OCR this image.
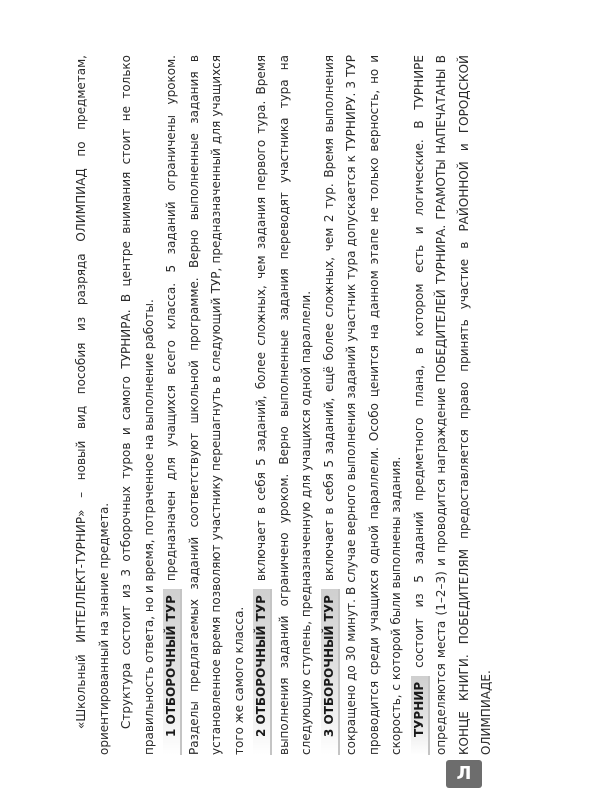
«Школьный ИНТЕЛЛЕКТ-ТУРНИР» – новый вид пособия из разряда ОЛИМПИАД по предметам, ориентированный на знание предмета. Структура состоит из 3 отборочных туров и самого ТУРНИРА. В центре внимания стоит не только правильность ответа, но и время, потраченное на выполнение работы. 1 ОТБОРОЧНЫЙ ТУРпредназначен для учащихся всего класса. 5 заданий ограничены уроком. Разделы предлагаемых заданий соответствуют школьной программе. Верно выполненные задания в установленное время позволяют участнику перешагнуть в следующий ТУР, предназначенный для учащихся того же самого класса. 2 ОТБОРОЧНЫЙ ТУРвключает в себя 5 заданий, более сложных, чем задания первого тура. Время выполнения заданий ограничено уроком. Верно выполненные задания переводят участника тура на следующую ступень, предназначенную для учащихся одной параллели. 3 ОТБОРОЧНЫЙ ТУРвключает в себя 5 заданий, ещё более сложных, чем 2 тур. Время выполнения сокращено до 30 минут. В случае верного выполнения заданий участник тура допускается к ТУРНИРУ. 3 ТУР проводится среди учащихся одной параллели. Особо ценится на данном этапе не только верность, но и скорость, с которой были выполнены задания. ТУРНИРсостоит из 5 заданий предметного плана, в котором есть и логические. В ТУРНИРЕ определяются места (1–2–3) и проводится награждение ПОБЕДИТЕЛЕЙ ТУРНИРА. ГРАМОТЫ НАПЕЧАТАНЫ В КОНЦЕ КНИГИ. ПОБЕДИТЕЛЯМ предоставляется право принять участие в РАЙОННОЙ и ГОРОДСКОЙ ОЛИМПИАДЕ.

Л
